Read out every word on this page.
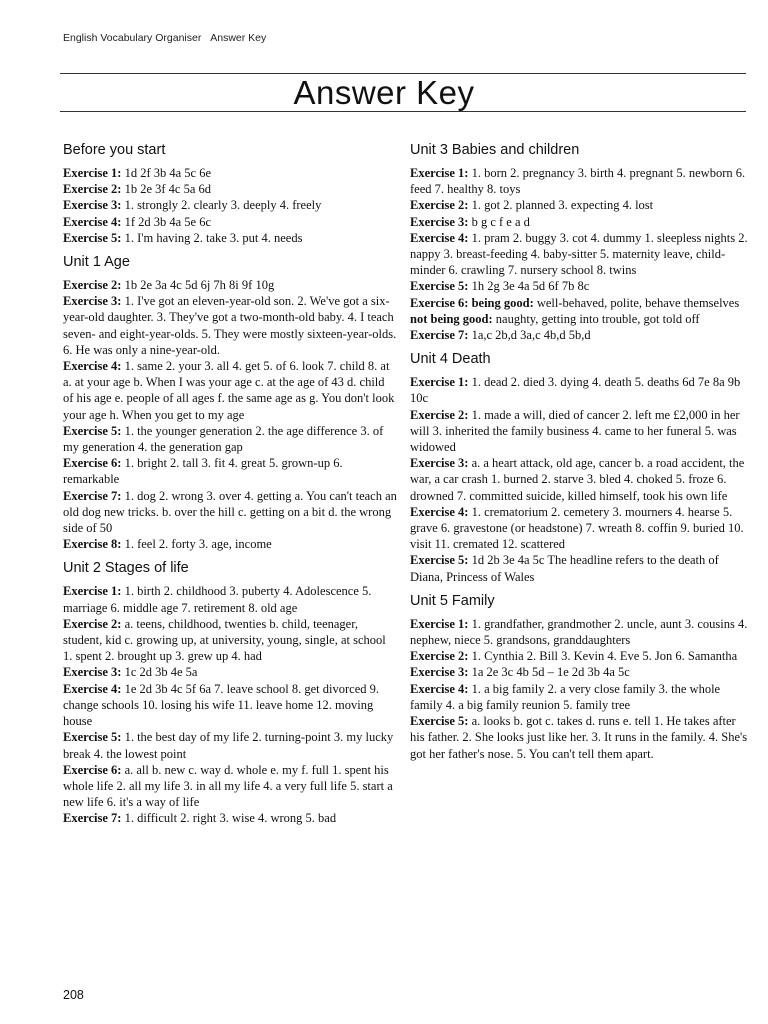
English Vocabulary Organiser Answer Key
Answer Key
Before you start

Exercise 1: 1d 2f 3b 4a 5c 6e

Exercise 2: 1b 2e 3f 4c 5a 6d

Exercise 3: 1. strongly 2. clearly 3. deeply 4. freely

Exercise 4: 1f 2d 3b 4a 5e 6c

Exercise 5: 1. I'm having 2. take 3. put 4. needs

Unit 1 Age

Exercise 2: 1b 2e 3a 4c 5d 6j 7h 8i 9f 10g

Exercise 3: 1. I've got an eleven-year-old son. 2. We've got a six-year-old daughter. 3. They've got a two-month-old baby. 4. I teach seven- and eight-year-olds. 5. They were mostly sixteen-year-olds. 6. He was only a nine-year-old.

Exercise 4: 1. same 2. your 3. all 4. get 5. of 6. look 7. child 8. at a. at your age b. When I was your age c. at the age of 43 d. child of his age e. people of all ages f. the same age as g. You don't look your age h. When you get to my age

Exercise 5: 1. the younger generation 2. the age difference 3. of my generation 4. the generation gap

Exercise 6: 1. bright 2. tall 3. fit 4. great 5. grown-up 6. remarkable

Exercise 7: 1. dog 2. wrong 3. over 4. getting a. You can't teach an old dog new tricks. b. over the hill c. getting on a bit d. the wrong side of 50

Exercise 8: 1. feel 2. forty 3. age, income

Unit 2 Stages of life

Exercise 1: 1. birth 2. childhood 3. puberty 4. Adolescence 5. marriage 6. middle age 7. retirement 8. old age

Exercise 2: a. teens, childhood, twenties b. child, teenager, student, kid c. growing up, at university, young, single, at school 1. spent 2. brought up 3. grew up 4. had

Exercise 3: 1c 2d 3b 4e 5a

Exercise 4: 1e 2d 3b 4c 5f 6a 7. leave school 8. get divorced 9. change schools 10. losing his wife 11. leave home 12. moving house

Exercise 5: 1. the best day of my life 2. turning-point 3. my lucky break 4. the lowest point

Exercise 6: a. all b. new c. way d. whole e. my f. full 1. spent his whole life 2. all my life 3. in all my life 4. a very full life 5. start a new life 6. it's a way of life

Exercise 7: 1. difficult 2. right 3. wise 4. wrong 5. bad

Unit 3 Babies and children

Exercise 1: 1. born 2. pregnancy 3. birth 4. pregnant 5. newborn 6. feed 7. healthy 8. toys

Exercise 2: 1. got 2. planned 3. expecting 4. lost

Exercise 3: b g c f e a d

Exercise 4: 1. pram 2. buggy 3. cot 4. dummy 1. sleepless nights 2. nappy 3. breast-feeding 4. baby-sitter 5. maternity leave, child-minder 6. crawling 7. nursery school 8. twins

Exercise 5: 1h 2g 3e 4a 5d 6f 7b 8c

Exercise 6: being good: well-behaved, polite, behave themselves not being good: naughty, getting into trouble, got told off

Exercise 7: 1a,c 2b,d 3a,c 4b,d 5b,d

Unit 4 Death

Exercise 1: 1. dead 2. died 3. dying 4. death 5. deaths 6d 7e 8a 9b 10c

Exercise 2: 1. made a will, died of cancer 2. left me £2,000 in her will 3. inherited the family business 4. came to her funeral 5. was widowed

Exercise 3: a. a heart attack, old age, cancer b. a road accident, the war, a car crash 1. burned 2. starve 3. bled 4. choked 5. froze 6. drowned 7. committed suicide, killed himself, took his own life

Exercise 4: 1. crematorium 2. cemetery 3. mourners 4. hearse 5. grave 6. gravestone (or headstone) 7. wreath 8. coffin 9. buried 10. visit 11. cremated 12. scattered

Exercise 5: 1d 2b 3e 4a 5c The headline refers to the death of Diana, Princess of Wales

Unit 5 Family

Exercise 1: 1. grandfather, grandmother 2. uncle, aunt 3. cousins 4. nephew, niece 5. grandsons, granddaughters

Exercise 2: 1. Cynthia 2. Bill 3. Kevin 4. Eve 5. Jon 6. Samantha

Exercise 3: 1a 2e 3c 4b 5d – 1e 2d 3b 4a 5c

Exercise 4: 1. a big family 2. a very close family 3. the whole family 4. a big family reunion 5. family tree

Exercise 5: a. looks b. got c. takes d. runs e. tell 1. He takes after his father. 2. She looks just like her. 3. It runs in the family. 4. She's got her father's nose. 5. You can't tell them apart.

208
